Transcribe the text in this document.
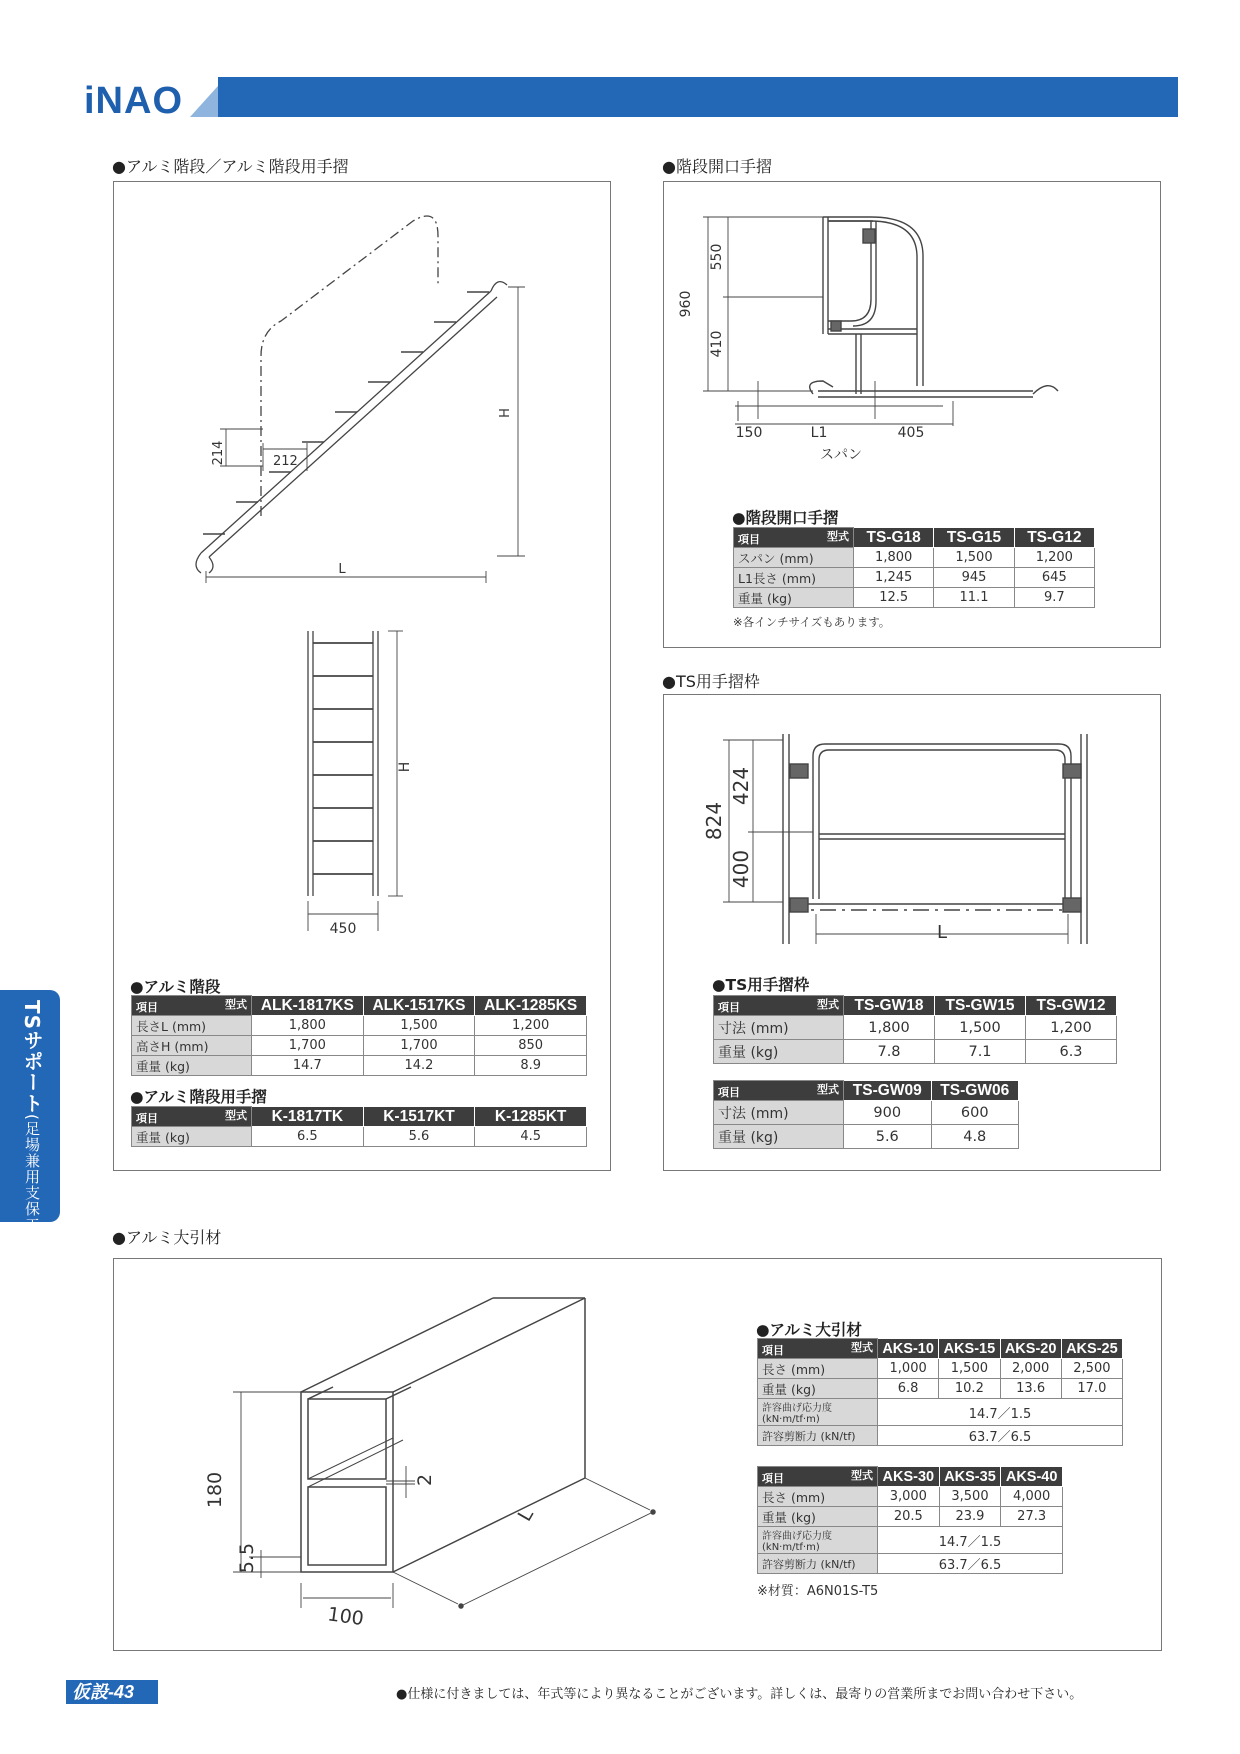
iNAO
●アルミ階段／アルミ階段用手摺	●階段開口手摺
●TS用手摺枠
●アルミ大引材
214	212
H
L
H
450
●アルミ階段
型式
項目	ALK-1817KS	ALK-1517KS	ALK-1285KS
長さL (mm)	1,800	1,500	1,200
高さH (mm)	1,700	1,700	850
重量 (kg)	14.7	14.2	8.9
●アルミ階段用手摺
型式
項目	K-1817TK	K-1517KT	K-1285KT
重量 (kg)	6.5	5.6	4.5
960
550
410
150	L1	405
スパン
●階段開口手摺
型式
項目	TS-G18	TS-G15	TS-G12
スパン (mm)	1,800	1,500	1,200
L1長さ (mm)	1,245	945	645
重量 (kg)	12.5	11.1	9.7
※各インチサイズもあります。
824
424
400
L
●TS用手摺枠
型式
項目	TS-GW18	TS-GW15	TS-GW12
寸法 (mm)	1,800	1,500	1,200
重量 (kg)	7.8	7.1	6.3
型式
項目	TS-GW09	TS-GW06
寸法 (mm)	900	600
重量 (kg)	5.6	4.8
180
5.5
2
100
L
●アルミ大引材
型式
項目	AKS-10	AKS-15	AKS-20	AKS-25
長さ (mm)	1,000	1,500	2,000	2,500
重量 (kg)	6.8	10.2	13.6	17.0
許容曲げ応力度 (kN·m/tf·m)	14.7／1.5			
許容剪断力 (kN/tf)	63.7／6.5			
型式
項目	AKS-30	AKS-35	AKS-40
長さ (mm)	3,000	3,500	4,000
重量 (kg)	20.5	23.9	27.3
許容曲げ応力度 (kN·m/tf·m)	14.7／1.5		
許容剪断力 (kN/tf)	63.7／6.5		
※材質：A6N01S-T5
TSサポート(足場兼用支保工)
仮設-43	●仕様に付きましては、年式等により異なることがございます。詳しくは、最寄りの営業所までお問い合わせ下さい。
